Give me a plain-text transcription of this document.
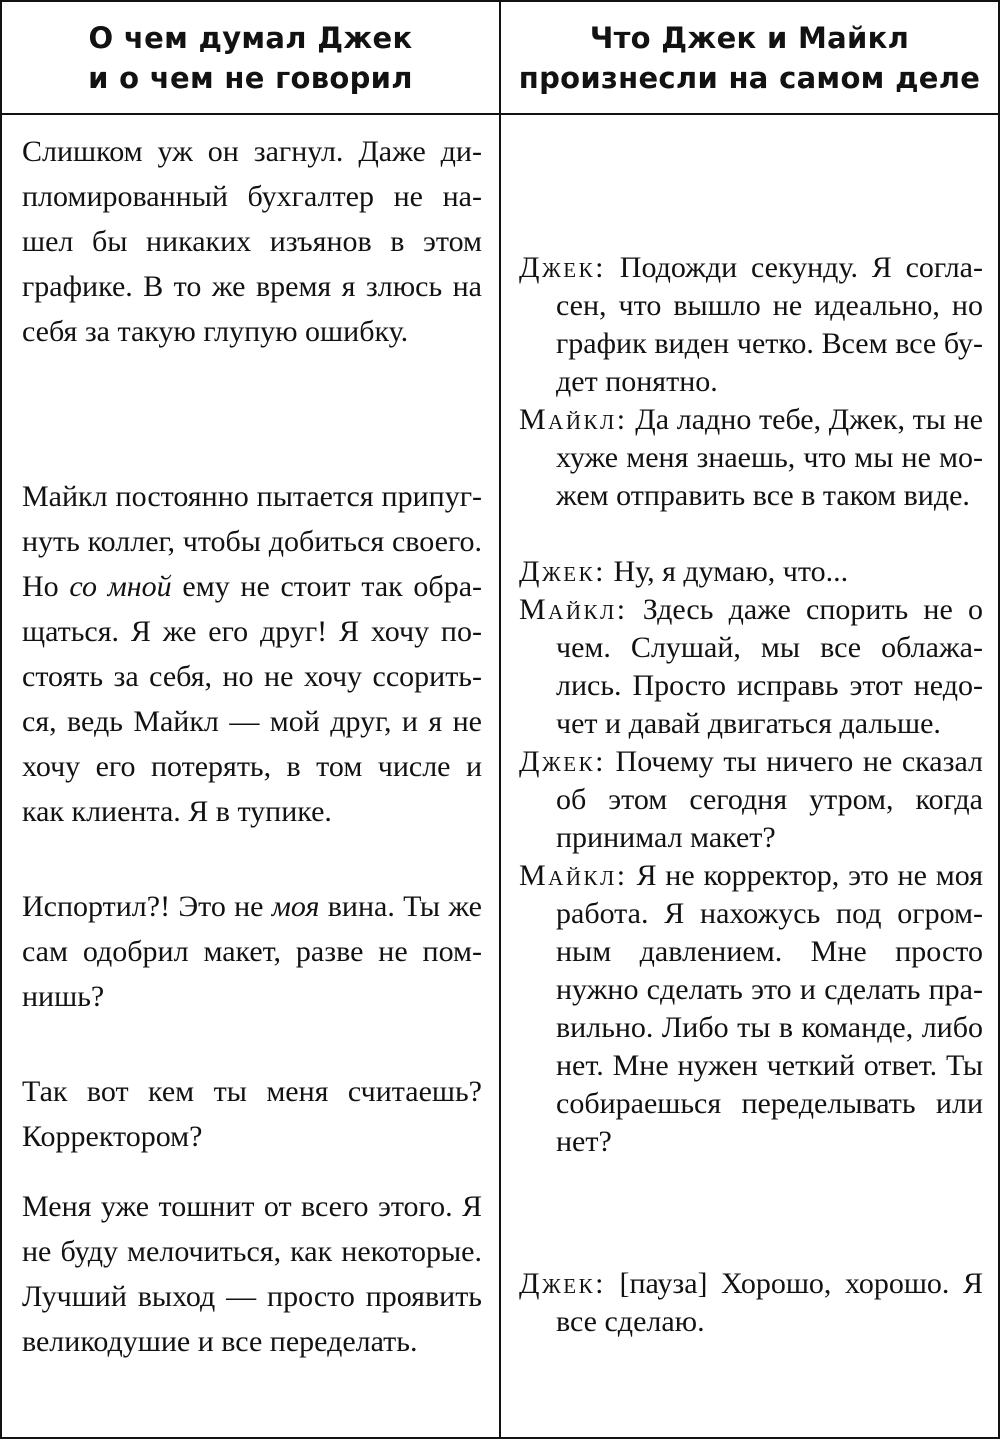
О чем думал Джек
и о чем не говорил

Слишком уж он загнул. Даже дипломированный бухгалтер не нашел бы никаких изъянов в этом графике. В то же время я злюсь на себя за такую глупую ошибку.

Майкл постоянно пытается припугнуть коллег, чтобы добиться своего. Но со мной ему не стоит так обращаться. Я же его друг! Я хочу постоять за себя, но не хочу ссориться, ведь Майкл — мой друг, и я не хочу его потерять, в том числе и как клиента. Я в тупике.

Испортил?! Это не моя вина. Ты же сам одобрил макет, разве не помнишь?

Так вот кем ты меня считаешь? Корректором?

Меня уже тошнит от всего этого. Я не буду мелочиться, как некоторые. Лучший выход — просто проявить великодушие и все переделать.

Что Джек и Майкл
произнесли на самом деле

Джек: Подожди секунду. Я согласен, что вышло не идеально, но график виден четко. Всем все будет понятно.

Майкл: Да ладно тебе, Джек, ты не хуже меня знаешь, что мы не можем отправить все в таком виде.

Джек: Ну, я думаю, что...

Майкл: Здесь даже спорить не о чем. Слушай, мы все облажались. Просто исправь этот недочет и давай двигаться дальше.

Джек: Почему ты ничего не сказал об этом сегодня утром, когда принимал макет?

Майкл: Я не корректор, это не моя работа. Я нахожусь под огромным давлением. Мне просто нужно сделать это и сделать правильно. Либо ты в команде, либо нет. Мне нужен четкий ответ. Ты собираешься переделывать или нет?

Джек: [пауза] Хорошо, хорошо. Я все сделаю.
